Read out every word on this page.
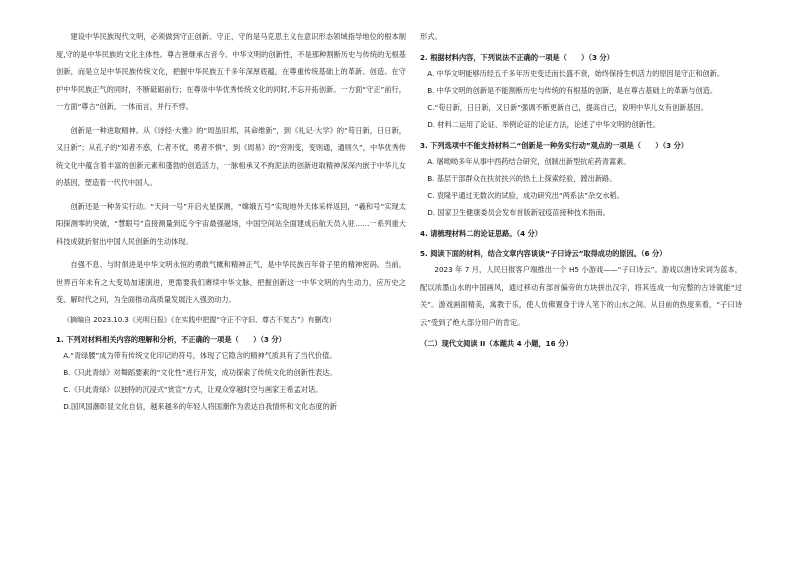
建设中华民族现代文明，必须做到守正创新。守正，守的是马克思主义在意识形态领域指导地位的根本制度,守的是中华民族的文化主体性。尊古善继承古音今。中华文明的创新性，不是那种割断历史与传统的无根基创新，而是立足中华民族传统文化，把握中华民族五千多年深厚底蕴，在尊重传统基础上的革新、创造。在守护中华民族正气的同时，不断砥砺前行；在尊崇中华优秀传统文化的同时,不忘开拓创新。一方面“守正”前行，一方面“尊古”创新，一体而言，并行不悖。

创新是一种进取精神。从《诗经·大雅》的“周虽旧邦，其命维新”，到《礼记·大学》的“苟日新，日日新，又日新”；从孔子的“知者不惑，仁者不忧，勇者不惧”，到《周易》的“穷则变，变则通，通则久”，中华优秀传统文化中蕴含着丰富的创新元素和蓬勃的创造活力，一脉相承又不拘泥法的创新进取精神深深内嵌于中华儿女的基因，塑造着一代代中国人。

创新还是一种务实行动。“天问一号”开启火星探测，“嫦娥五号”实现地外天体采样返回，“羲和号”实现太阳探测零的突破，“慧眼号”直接测量到迄今宇宙最强磁场，中国空间站全面建成后航天员入驻……一系列重大科技成就折射出中国人民创新的生动体现。

自强不息、与时俱进是中华文明永恒的勇敢气概和精神正气，是中华民族百年骨子里的精神密码。当前，世界百年未有之大变局加速演进，更需要我们赓续中华文脉，把握创新这一中华文明的内生动力，应历史之变、解时代之问，为全面推动高质量发展注入强劲动力。

（摘编自 2023.10.3《光明日报》《在实践中把握“守正不守旧、尊古不复古”》有删改）

1. 下列对材料相关内容的理解和分析，不正确的一项是（　　）（3 分）

A.“青绿腰”成为带有传统文化印记的符号，体现了它隐含的精神气质具有了当代价值。

B.《只此青绿》对舞蹈要素的“文化性”进行开发，成功探索了传统文化的创新性表达。

C.《只此青绿》以独特的沉浸式“赏宣”方式，让观众穿越时空与画家王希孟对话。

D.国风国潮彰显文化自信，越来越多的年轻人将国潮作为表达自我情怀和文化态度的新

形式。

2. 根据材料内容，下列说法不正确的一项是（　　）（3 分）

A. 中华文明能够历经五千多年历史变迁而长盛不衰，始终保持生机活力的原因是守正和创新。

B. 中华文明的创新是不能割断历史与传统的有根基的创新，是在尊古基础上的革新与创造。

C.“苟日新，日日新，又日新”强调不断更新自己，提高自己，说明中华儿女有创新基因。

D. 材料二运用了论证、举例论证的论证方法，论述了中华文明的创新性。

3. 下列选项中不能支持材料二“创新是一种务实行动”观点的一项是（　　）（3 分）

A. 屠呦呦多年从事中西药结合研究，创制出新型抗疟药青蒿素。

B. 基层干部群众在扶贫扶兴的热土上探索经验，蹚出新路。

C. 袁隆平通过无数次的试验，成功研究出“两系法”杂交水稻。

D. 国家卫生健康委员会发布首版新冠疫苗接种技术指南。

4. 请梳理材料二的论证思路。（4 分）

5. 阅读下面的材料，结合文章内容谈谈“子曰诗云”取得成功的原因。（6 分）

2023 年 7 月，人民日报客户端推出一个 H5 小游戏——“子曰诗云”。游戏以唐诗宋词为蓝本，配以浓墨山水的中国画风，通过移动有部首偏旁的方块拼出汉字，将其连成一句完整的古诗就能“过关”。游戏画面精美，寓教于乐，使人仿佛置身于诗人笔下的山水之间。从目前的热度来看，“子曰诗云”受到了绝大部分用户的肯定。

（二）现代文阅读 II（本题共 4 小题，16 分）
